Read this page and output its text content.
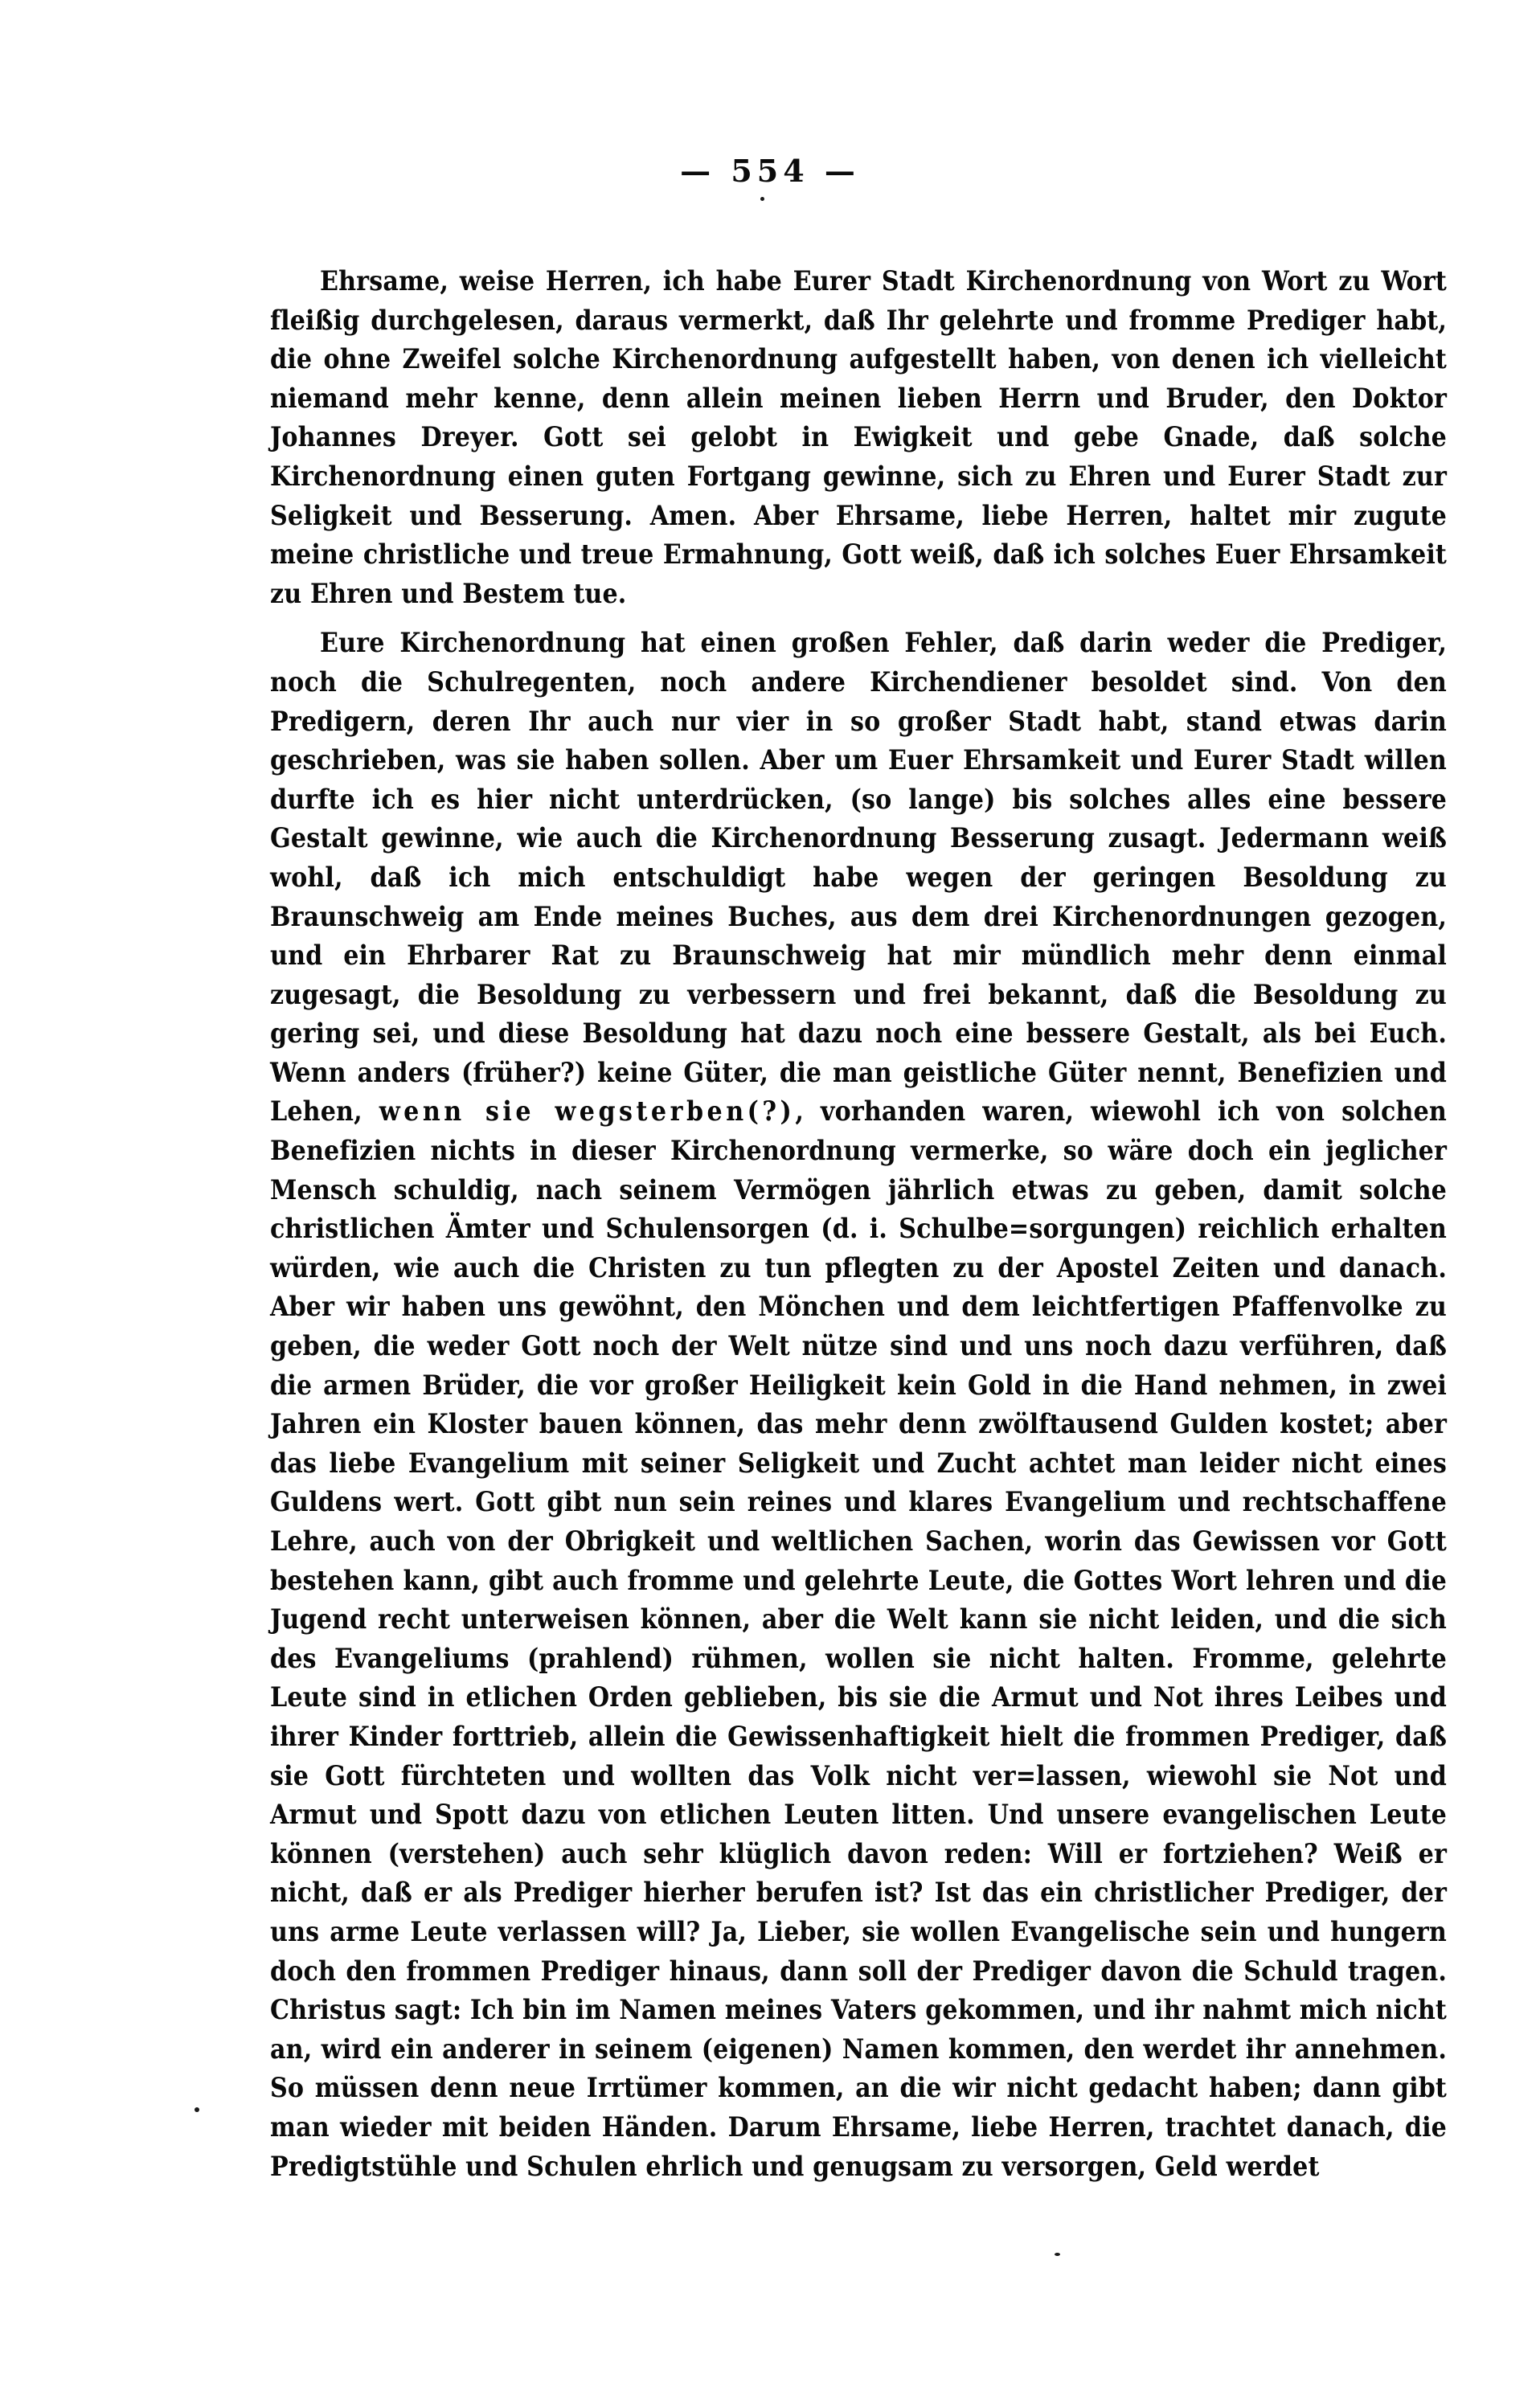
— 554 —

Ehrsame, weise Herren, ich habe Eurer Stadt Kirchenordnung von Wort zu Wort fleißig durchgelesen, daraus vermerkt, daß Ihr gelehrte und fromme Prediger habt, die ohne Zweifel solche Kirchenordnung aufgestellt haben, von denen ich vielleicht niemand mehr kenne, denn allein meinen lieben Herrn und Bruder, den Doktor Johannes Dreyer. Gott sei gelobt in Ewigkeit und gebe Gnade, daß solche Kirchenordnung einen guten Fortgang gewinne, sich zu Ehren und Eurer Stadt zur Seligkeit und Besserung. Amen. Aber Ehrsame, liebe Herren, haltet mir zugute meine christliche und treue Ermahnung, Gott weiß, daß ich solches Euer Ehrsamkeit zu Ehren und Bestem tue.

Eure Kirchenordnung hat einen großen Fehler, daß darin weder die Prediger, noch die Schulregenten, noch andere Kirchendiener besoldet sind. Von den Predigern, deren Ihr auch nur vier in so großer Stadt habt, stand etwas darin geschrieben, was sie haben sollen. Aber um Euer Ehrsamkeit und Eurer Stadt willen durfte ich es hier nicht unterdrücken, (so lange) bis solches alles eine bessere Gestalt gewinne, wie auch die Kirchenordnung Besserung zusagt. Jedermann weiß wohl, daß ich mich entschuldigt habe wegen der geringen Besoldung zu Braunschweig am Ende meines Buches, aus dem drei Kirchenordnungen gezogen, und ein Ehrbarer Rat zu Braunschweig hat mir mündlich mehr denn einmal zugesagt, die Besoldung zu verbessern und frei bekannt, daß die Besoldung zu gering sei, und diese Besoldung hat dazu noch eine bessere Gestalt, als bei Euch. Wenn anders (früher?) keine Güter, die man geistliche Güter nennt, Benefizien und Lehen, wenn sie wegsterben(?), vorhanden waren, wiewohl ich von solchen Benefizien nichts in dieser Kirchenordnung vermerke, so wäre doch ein jeglicher Mensch schuldig, nach seinem Vermögen jährlich etwas zu geben, damit solche christlichen Ämter und Schulensorgen (d. i. Schulbe=sorgungen) reichlich erhalten würden, wie auch die Christen zu tun pflegten zu der Apostel Zeiten und danach. Aber wir haben uns gewöhnt, den Mönchen und dem leichtfertigen Pfaffenvolke zu geben, die weder Gott noch der Welt nütze sind und uns noch dazu verführen, daß die armen Brüder, die vor großer Heiligkeit kein Gold in die Hand nehmen, in zwei Jahren ein Kloster bauen können, das mehr denn zwölftausend Gulden kostet; aber das liebe Evangelium mit seiner Seligkeit und Zucht achtet man leider nicht eines Guldens wert. Gott gibt nun sein reines und klares Evangelium und rechtschaffene Lehre, auch von der Obrigkeit und weltlichen Sachen, worin das Gewissen vor Gott bestehen kann, gibt auch fromme und gelehrte Leute, die Gottes Wort lehren und die Jugend recht unterweisen können, aber die Welt kann sie nicht leiden, und die sich des Evangeliums (prahlend) rühmen, wollen sie nicht halten. Fromme, gelehrte Leute sind in etlichen Orden geblieben, bis sie die Armut und Not ihres Leibes und ihrer Kinder forttrieb, allein die Gewissenhaftigkeit hielt die frommen Prediger, daß sie Gott fürchteten und wollten das Volk nicht ver=lassen, wiewohl sie Not und Armut und Spott dazu von etlichen Leuten litten. Und unsere evangelischen Leute können (verstehen) auch sehr klüglich davon reden: Will er fortziehen? Weiß er nicht, daß er als Prediger hierher berufen ist? Ist das ein christlicher Prediger, der uns arme Leute verlassen will? Ja, Lieber, sie wollen Evangelische sein und hungern doch den frommen Prediger hinaus, dann soll der Prediger davon die Schuld tragen. Christus sagt: Ich bin im Namen meines Vaters gekommen, und ihr nahmt mich nicht an, wird ein anderer in seinem (eigenen) Namen kommen, den werdet ihr annehmen. So müssen denn neue Irrtümer kommen, an die wir nicht gedacht haben; dann gibt man wieder mit beiden Händen. Darum Ehrsame, liebe Herren, trachtet danach, die Predigtstühle und Schulen ehrlich und genugsam zu versorgen, Geld werdet
